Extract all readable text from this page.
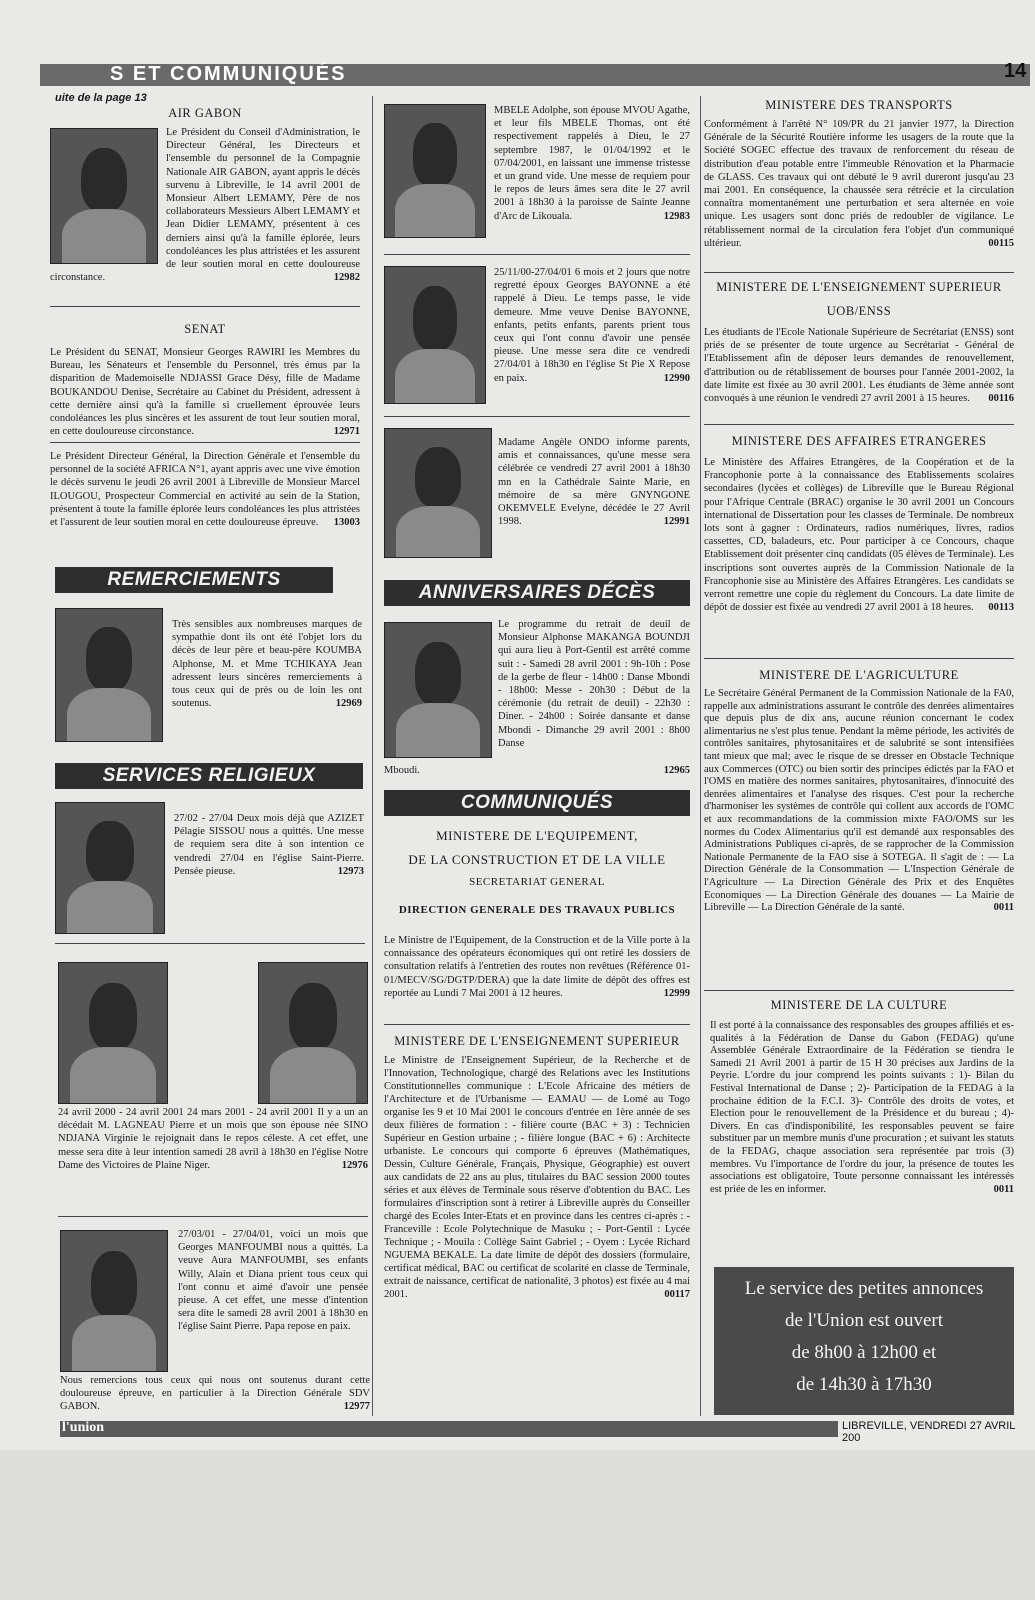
S ET COMMUNIQUÉS	14
uite de la page 13
AIR GABON
Le Président du Conseil d'Administration, le Directeur Général, les Directeurs et l'ensemble du personnel de la Compagnie Nationale AIR GABON, ayant appris le décès survenu à Libreville, le 14 avril 2001 de Monsieur Albert LEMAMY, Père de nos collaborateurs Messieurs Albert LEMAMY et Jean Didier LEMAMY, présentent à ces derniers ainsi qu'à la famille éplorée, leurs condoléances les plus attristées et les assurent de leur soutien moral en cette douloureuse circonstance.	12982
SENAT
Le Président du SENAT, Monsieur Georges RAWIRI les Membres du Bureau, les Sénateurs et l'ensemble du Personnel, très émus par la disparition de Mademoiselle NDJASSI Grace Désy, fille de Madame BOUKANDOU Denise, Secrétaire au Cabinet du Président, adressent à cette dernière ainsi qu'à la famille si cruellement éprouvée leurs condoléances les plus sincères et les assurent de tout leur soutien moral, en cette douloureuse circonstance.	12971
Le Président Directeur Général, la Direction Générale et l'ensemble du personnel de la société AFRICA N°1, ayant appris avec une vive émotion le décès survenu le jeudi 26 avril 2001 à Libreville de Monsieur Marcel ILOUGOU, Prospecteur Commercial en activité au sein de la Station, présentent à toute la famille éplorée leurs condoléances les plus attristées et l'assurent de leur soutien moral en cette douloureuse épreuve. 13003
REMERCIEMENTS
Très sensibles aux nombreuses marques de sympathie dont ils ont été l'objet lors du décès de leur père et beau-père KOUMBA Alphonse, M. et Mme TCHIKAYA Jean adressent leurs sincères remerciements à tous ceux qui de près ou de loin les ont soutenus.	12969
SERVICES RELIGIEUX
27/02 - 27/04 Deux mois déjà que AZIZET Pélagie SISSOU nous a quittés. Une messe de requiem sera dite à son intention ce vendredi 27/04 en l'église Saint-Pierre. Pensée pieuse.	12973
24 avril 2000 - 24 avril 2001 24 mars 2001 - 24 avril 2001 Il y a un an décédait M. LAGNEAU Pierre et un mois que son épouse née SINO NDJANA Virginie le rejoignait dans le repos céleste. A cet effet, une messe sera dite à leur intention samedi 28 avril à 18h30 en l'église Notre Dame des Victoires de Plaine Niger.	12976
27/03/01 - 27/04/01, voici un mois que Georges MANFOUMBI nous a quittés. La veuve Aura MANFOUMBI, ses enfants Willy, Alain et Diana prient tous ceux qui l'ont connu et aimé d'avoir une pensée pieuse. A cet effet, une messe d'intention sera dite le samedi 28 avril 2001 à 18h30 en l'église Saint Pierre. Papa repose en paix.
Nous remercions tous ceux qui nous ont soutenus durant cette douloureuse épreuve, en particulier à la Direction Générale SDV GABON.	12977
MBELE Adolphe, son épouse MVOU Agathe, et leur fils MBELE Thomas, ont été respectivement rappelés à Dieu, le 27 septembre 1987, le 01/04/1992 et le 07/04/2001, en laissant une immense tristesse et un grand vide. Une messe de requiem pour le repos de leurs âmes sera dite le 27 avril 2001 à 18h30 à la paroisse de Sainte Jeanne d'Arc de Likouala.	12983
25/11/00-27/04/01 6 mois et 2 jours que notre regretté époux Georges BAYONNE a été rappelé à Dieu. Le temps passe, le vide demeure. Mme veuve Denise BAYONNE, enfants, petits enfants, parents prient tous ceux qui l'ont connu d'avoir une pensée pieuse. Une messe sera dite ce vendredi 27/04/01 à 18h30 en l'église St Pie X Repose en paix.	12990
Madame Angèle ONDO informe parents, amis et connaissances, qu'une messe sera célébrée ce vendredi 27 avril 2001 à 18h30 mn en la Cathédrale Sainte Marie, en mémoire de sa mère GNYNGONE OKEMVELE Evelyne, décédée le 27 Avril 1998.	12991
ANNIVERSAIRES DÉCÈS
Le programme du retrait de deuil de Monsieur Alphonse MAKANGA BOUNDJI qui aura lieu à Port-Gentil est arrêté comme suit : - Samedi 28 avril 2001 : 9h-10h : Pose de la gerbe de fleur - 14h00 : Danse Mbondi - 18h00: Messe - 20h30 : Début de la cérémonie (du retrait de deuil) - 22h30 : Diner. - 24h00 : Soirée dansante et danse Mbondi - Dimanche 29 avril 2001 : 8h00 Danse
Mboudi.	12965
COMMUNIQUÉS
MINISTERE DE L'EQUIPEMENT,
DE LA CONSTRUCTION ET DE LA VILLE
SECRETARIAT GENERAL
DIRECTION GENERALE DES TRAVAUX PUBLICS
Le Ministre de l'Equipement, de la Construction et de la Ville porte à la connaissance des opérateurs économiques qui ont retiré les dossiers de consultation relatifs à l'entretien des routes non revêtues (Référence 01-01/MECV/SG/DGTP/DERA) que la date limite de dépôt des offres est reportée au Lundi 7 Mai 2001 à 12 heures.	12999
MINISTERE DE L'ENSEIGNEMENT SUPERIEUR
Le Ministre de l'Enseignement Supérieur, de la Recherche et de l'Innovation, Technologique, chargé des Relations avec les Institutions Constitutionnelles communique : L'Ecole Africaine des métiers de l'Architecture et de l'Urbanisme — EAMAU — de Lomé au Togo organise les 9 et 10 Mai 2001 le concours d'entrée en 1ère année de ses deux filières de formation : - filière courte (BAC + 3) : Technicien Supérieur en Gestion urbaine ; - filière longue (BAC + 6) : Architecte urbaniste. Le concours qui comporte 6 épreuves (Mathématiques, Dessin, Culture Générale, Français, Physique, Géographie) est ouvert aux candidats de 22 ans au plus, titulaires du BAC session 2000 toutes séries et aux élèves de Terminale sous réserve d'obtention du BAC. Les formulaires d'inscription sont à retirer à Libreville auprès du Conseiller chargé des Ecoles Inter-Etats et en province dans les centres ci-après : - Franceville : Ecole Polytechnique de Masuku ; - Port-Gentil : Lycée Technique ; - Mouila : Collège Saint Gabriel ; - Oyem : Lycée Richard NGUEMA BEKALE. La date limite de dépôt des dossiers (formulaire, certificat médical, BAC ou certificat de scolarité en classe de Terminale, extrait de naissance, certificat de nationalité, 3 photos) est fixée au 4 mai 2001.	00117
MINISTERE DES TRANSPORTS
Conformément à l'arrêté N° 109/PR du 21 janvier 1977, la Direction Générale de la Sécurité Routière informe les usagers de la route que la Société SOGEC effectue des travaux de renforcement du réseau de distribution d'eau potable entre l'immeuble Rénovation et la Pharmacie de GLASS. Ces travaux qui ont débuté le 9 avril dureront jusqu'au 23 mai 2001. En conséquence, la chaussée sera rétrécie et la circulation connaîtra momentanément une perturbation et sera alternée en voie unique. Les usagers sont donc priés de redoubler de vigilance. Le rétablissement normal de la circulation fera l'objet d'un communiqué ultérieur.	00115
MINISTERE DE L'ENSEIGNEMENT SUPERIEUR
UOB/ENSS
Les étudiants de l'Ecole Nationale Supérieure de Secrétariat (ENSS) sont priés de se présenter de toute urgence au Secrétariat - Général de l'Etablissement afin de déposer leurs demandes de renouvellement, d'attribution ou de rétablissement de bourses pour l'année 2001-2002, la date limite est fixée au 30 avril 2001. Les étudiants de 3ème année sont convoqués à une réunion le vendredi 27 avril 2001 à 15 heures. 00116
MINISTERE DES AFFAIRES ETRANGERES
Le Ministère des Affaires Etrangères, de la Coopération et de la Francophonie porte à la connaissance des Etablissements scolaires secondaires (lycées et collèges) de Libreville que le Bureau Régional pour l'Afrique Centrale (BRAC) organise le 30 avril 2001 un Concours international de Dissertation pour les classes de Terminale. De nombreux lots sont à gagner : Ordinateurs, radios numériques, livres, radios cassettes, CD, baladeurs, etc. Pour participer à ce Concours, chaque Etablissement doit présenter cinq candidats (05 élèves de Terminale). Les inscriptions sont ouvertes auprès de la Commission Nationale de la Francophonie sise au Ministère des Affaires Etrangères. Les candidats se verront remettre une copie du règlement du Concours. La date limite de dépôt de dossier est fixée au vendredi 27 avril 2001 à 18 heures. 00113
MINISTERE DE L'AGRICULTURE
Le Secrétaire Général Permanent de la Commission Nationale de la FA0, rappelle aux administrations assurant le contrôle des denrées alimentaires que depuis plus de dix ans, aucune réunion concernant le codex alimentarius ne s'est plus tenue. Pendant la même période, les activités de contrôles sanitaires, phytosanitaires et de salubrité se sont intensifiées tant mieux que mal; avec le risque de se dresser en Obstacle Technique aux Commerces (OTC) ou bien sortir des principes édictés par la FAO et l'OMS en matière des normes sanitaires, phytosanitaires, d'innocuité des denrées alimentaires et l'analyse des risques. C'est pour la recherche d'harmoniser les systèmes de contrôle qui collent aux accords de l'OMC et aux recommandations de la commission mixte FAO/OMS sur les normes du Codex Alimentarius qu'il est demandé aux responsables des Administrations Publiques ci-après, de se rapprocher de la Commission Nationale Permanente de la FAO sise à SOTEGA. Il s'agit de : — La Direction Générale de la Consommation — L'Inspection Générale de l'Agriculture — La Direction Générale des Prix et des Enquêtes Economiques — La Direction Générale des douanes — La Mairie de Libreville — La Direction Générale de la santé.	0011
MINISTERE DE LA CULTURE
Il est porté à la connaissance des responsables des groupes affiliés et es-qualités à la Fédération de Danse du Gabon (FEDAG) qu'une Assemblée Générale Extraordinaire de la Fédération se tiendra le Samedi 21 Avril 2001 à partir de 15 H 30 précises aux Jardins de la Peyrie. L'ordre du jour comprend les points suivants : 1)- Bilan du Festival International de Danse ; 2)- Participation de la FEDAG à la prochaine édition de la F.C.I. 3)- Contrôle des droits de votes, et Election pour le renouvellement de la Présidence et du bureau ; 4)- Divers. En cas d'indisponibilité, les responsables peuvent se faire substituer par un membre munis d'une procuration ; et suivant les statuts de la FEDAG, chaque association sera représentée par trois (3) membres. Vu l'importance de l'ordre du jour, la présence de toutes les associations est obligatoire, Toute personne connaissant les intéressés est priée de les en informer.	0011
Le service des petites annonces
de l'Union est ouvert
de 8h00 à 12h00 et
de 14h30 à 17h30
l'union	LIBREVILLE, VENDREDI 27 AVRIL 200
